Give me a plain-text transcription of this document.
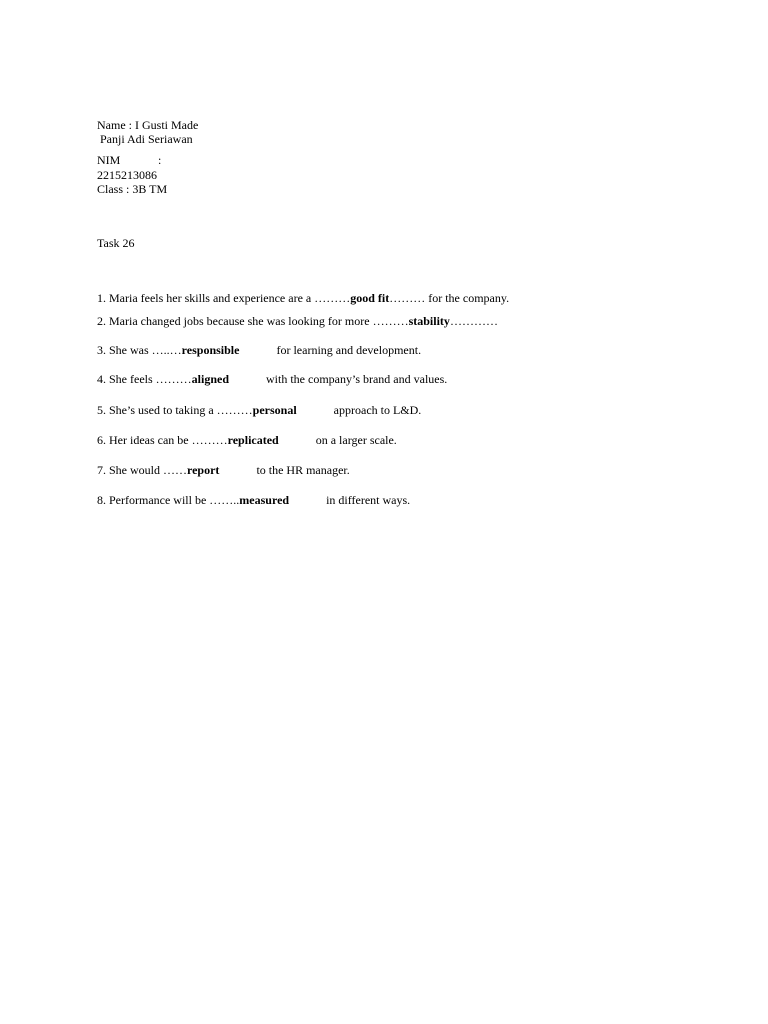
Name : I Gusti Made
Panji Adi Seriawan
NIM	:
2215213086
Class : 3B TM
Task 26
1. Maria feels her skills and experience are a ………good fit……… for the company.
2. Maria changed jobs because she was looking for more ………stability…………
3. She was …..…responsible	for learning and development.
4. She feels ………aligned	with the company’s brand and values.
5. She’s used to taking a ………personal	approach to L&D.
6. Her ideas can be ………replicated	on a larger scale.
7. She would ……report	to the HR manager.
8. Performance will be ……..measured	in different ways.
